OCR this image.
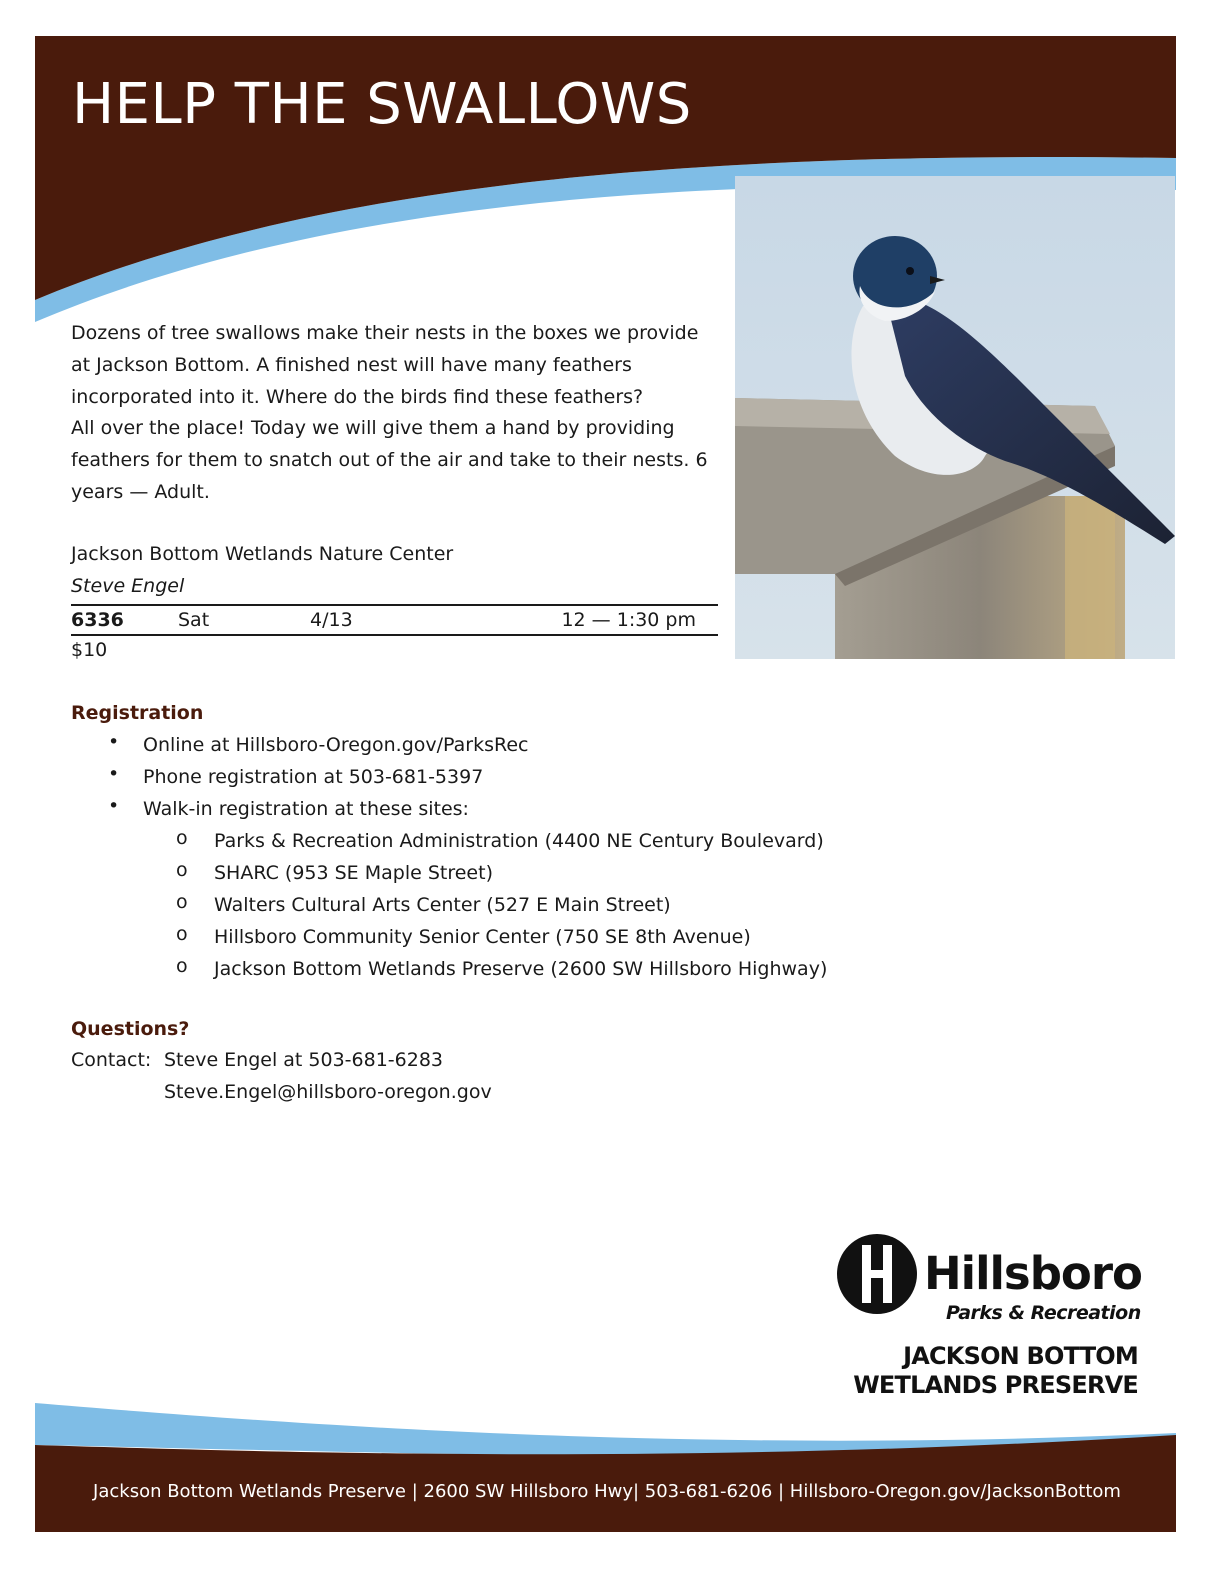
HELP THE SWALLOWS
Dozens of tree swallows make their nests in the boxes we provide
at Jackson Bottom. A finished nest will have many feathers
incorporated into it. Where do the birds find these feathers?
All over the place! Today we will give them a hand by providing
feathers for them to snatch out of the air and take to their nests. 6
years — Adult.
Jackson Bottom Wetlands Nature Center
Steve Engel
6336	Sat	4/13	12 — 1:30 pm
$10
Registration
• Online at Hillsboro-Oregon.gov/ParksRec
• Phone registration at 503-681-5397
• Walk-in registration at these sites:
o Parks & Recreation Administration (4400 NE Century Boulevard)
o SHARC (953 SE Maple Street)
o Walters Cultural Arts Center (527 E Main Street)
o Hillsboro Community Senior Center (750 SE 8th Avenue)
o Jackson Bottom Wetlands Preserve (2600 SW Hillsboro Highway)
Questions?
Contact: Steve Engel at 503-681-6283
Steve.Engel@hillsboro-oregon.gov
Hillsboro
Parks & Recreation
JACKSON BOTTOM
WETLANDS PRESERVE
Jackson Bottom Wetlands Preserve | 2600 SW Hillsboro Hwy| 503-681-6206 | Hillsboro-Oregon.gov/JacksonBottom
